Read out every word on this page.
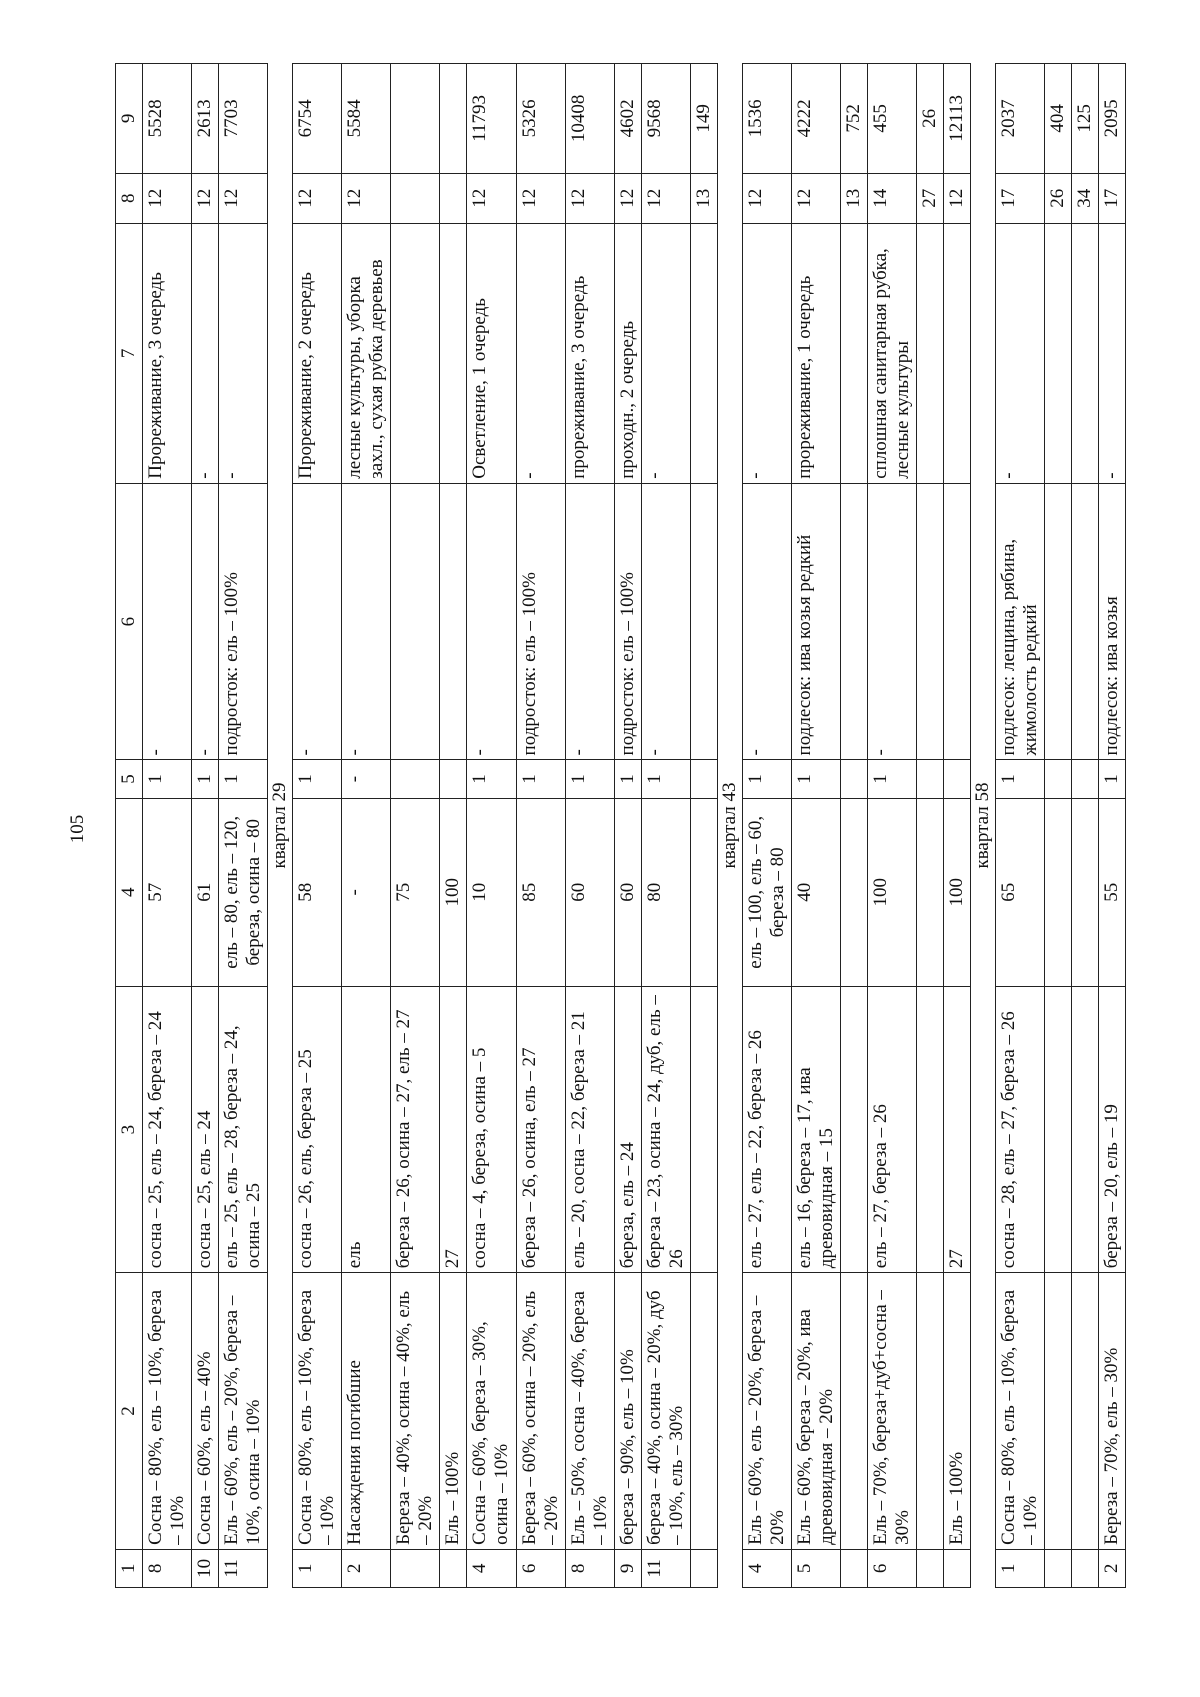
105
1	2	3	4	5	6	7	8	9
8	Сосна – 80%, ель – 10%, береза – 10%	сосна – 25, ель – 24, береза – 24	57	1	-	Прореживание, 3 очередь	12	5528
10	Сосна – 60%, ель – 40%	сосна – 25, ель – 24	61	1	-	-	12	2613
11	Ель – 60%, ель – 20%, береза – 10%, осина – 10%	ель – 25, ель – 28, береза – 24, осина – 25	ель – 80, ель – 120, береза, осина – 80	1	подросток: ель – 100%	-	12	7703
квартал 29								
1	Сосна – 80%, ель – 10%, береза – 10%	сосна – 26, ель, береза – 25	58	1	-	Прореживание, 2 очередь	12	6754
2	Насаждения погибшие	ель	-	-	-	лесные культуры, уборка захл., сухая рубка деревьев	12	5584
	Береза – 40%, осина – 40%, ель – 20%	береза – 26, осина – 27, ель – 27	75					
	Ель – 100%	27	100					
4	Сосна – 60%, береза – 30%, осина – 10%	сосна – 4, береза, осина – 5	10	1	-	Осветление, 1 очередь	12	11793
6	Береза – 60%, осина – 20%, ель – 20%	береза – 26, осина, ель – 27	85	1	подросток: ель – 100%	-	12	5326
8	Ель – 50%, сосна – 40%, береза – 10%	ель – 20, сосна – 22, береза – 21	60	1	-	прореживание, 3 очередь	12	10408
9	береза – 90%, ель – 10%	береза, ель – 24	60	1	подросток: ель – 100%	проходн., 2 очередь	12	4602
11	береза – 40%, осина – 20%, дуб – 10%, ель – 30%	береза – 23, осина – 24, дуб, ель – 26	80	1	-	-	12	9568
							13	149
квартал 43								
4	Ель – 60%, ель – 20%, береза – 20%	ель – 27, ель – 22, береза – 26	ель – 100, ель – 60, береза – 80	1	-	-	12	1536
5	Ель – 60%, береза – 20%, ива древовидная – 20%	ель – 16, береза – 17, ива древовидная – 15	40	1	подлесок: ива козья редкий	прореживание, 1 очередь	12	4222
							13	752
6	Ель – 70%, береза+дуб+сосна – 30%	ель – 27, береза – 26	100	1	-	сплошная санитарная рубка, лесные культуры	14	455
							27	26
	Ель – 100%	27	100				12	12113
квартал 58								
1	Сосна – 80%, ель – 10%, береза – 10%	сосна – 28, ель – 27, береза – 26	65	1	подлесок: лещина, рябина, жимолость редкий	-	17	2037
							26	404
							34	125
2	Береза – 70%, ель – 30%	береза – 20, ель – 19	55	1	подлесок: ива козья	-	17	2095
